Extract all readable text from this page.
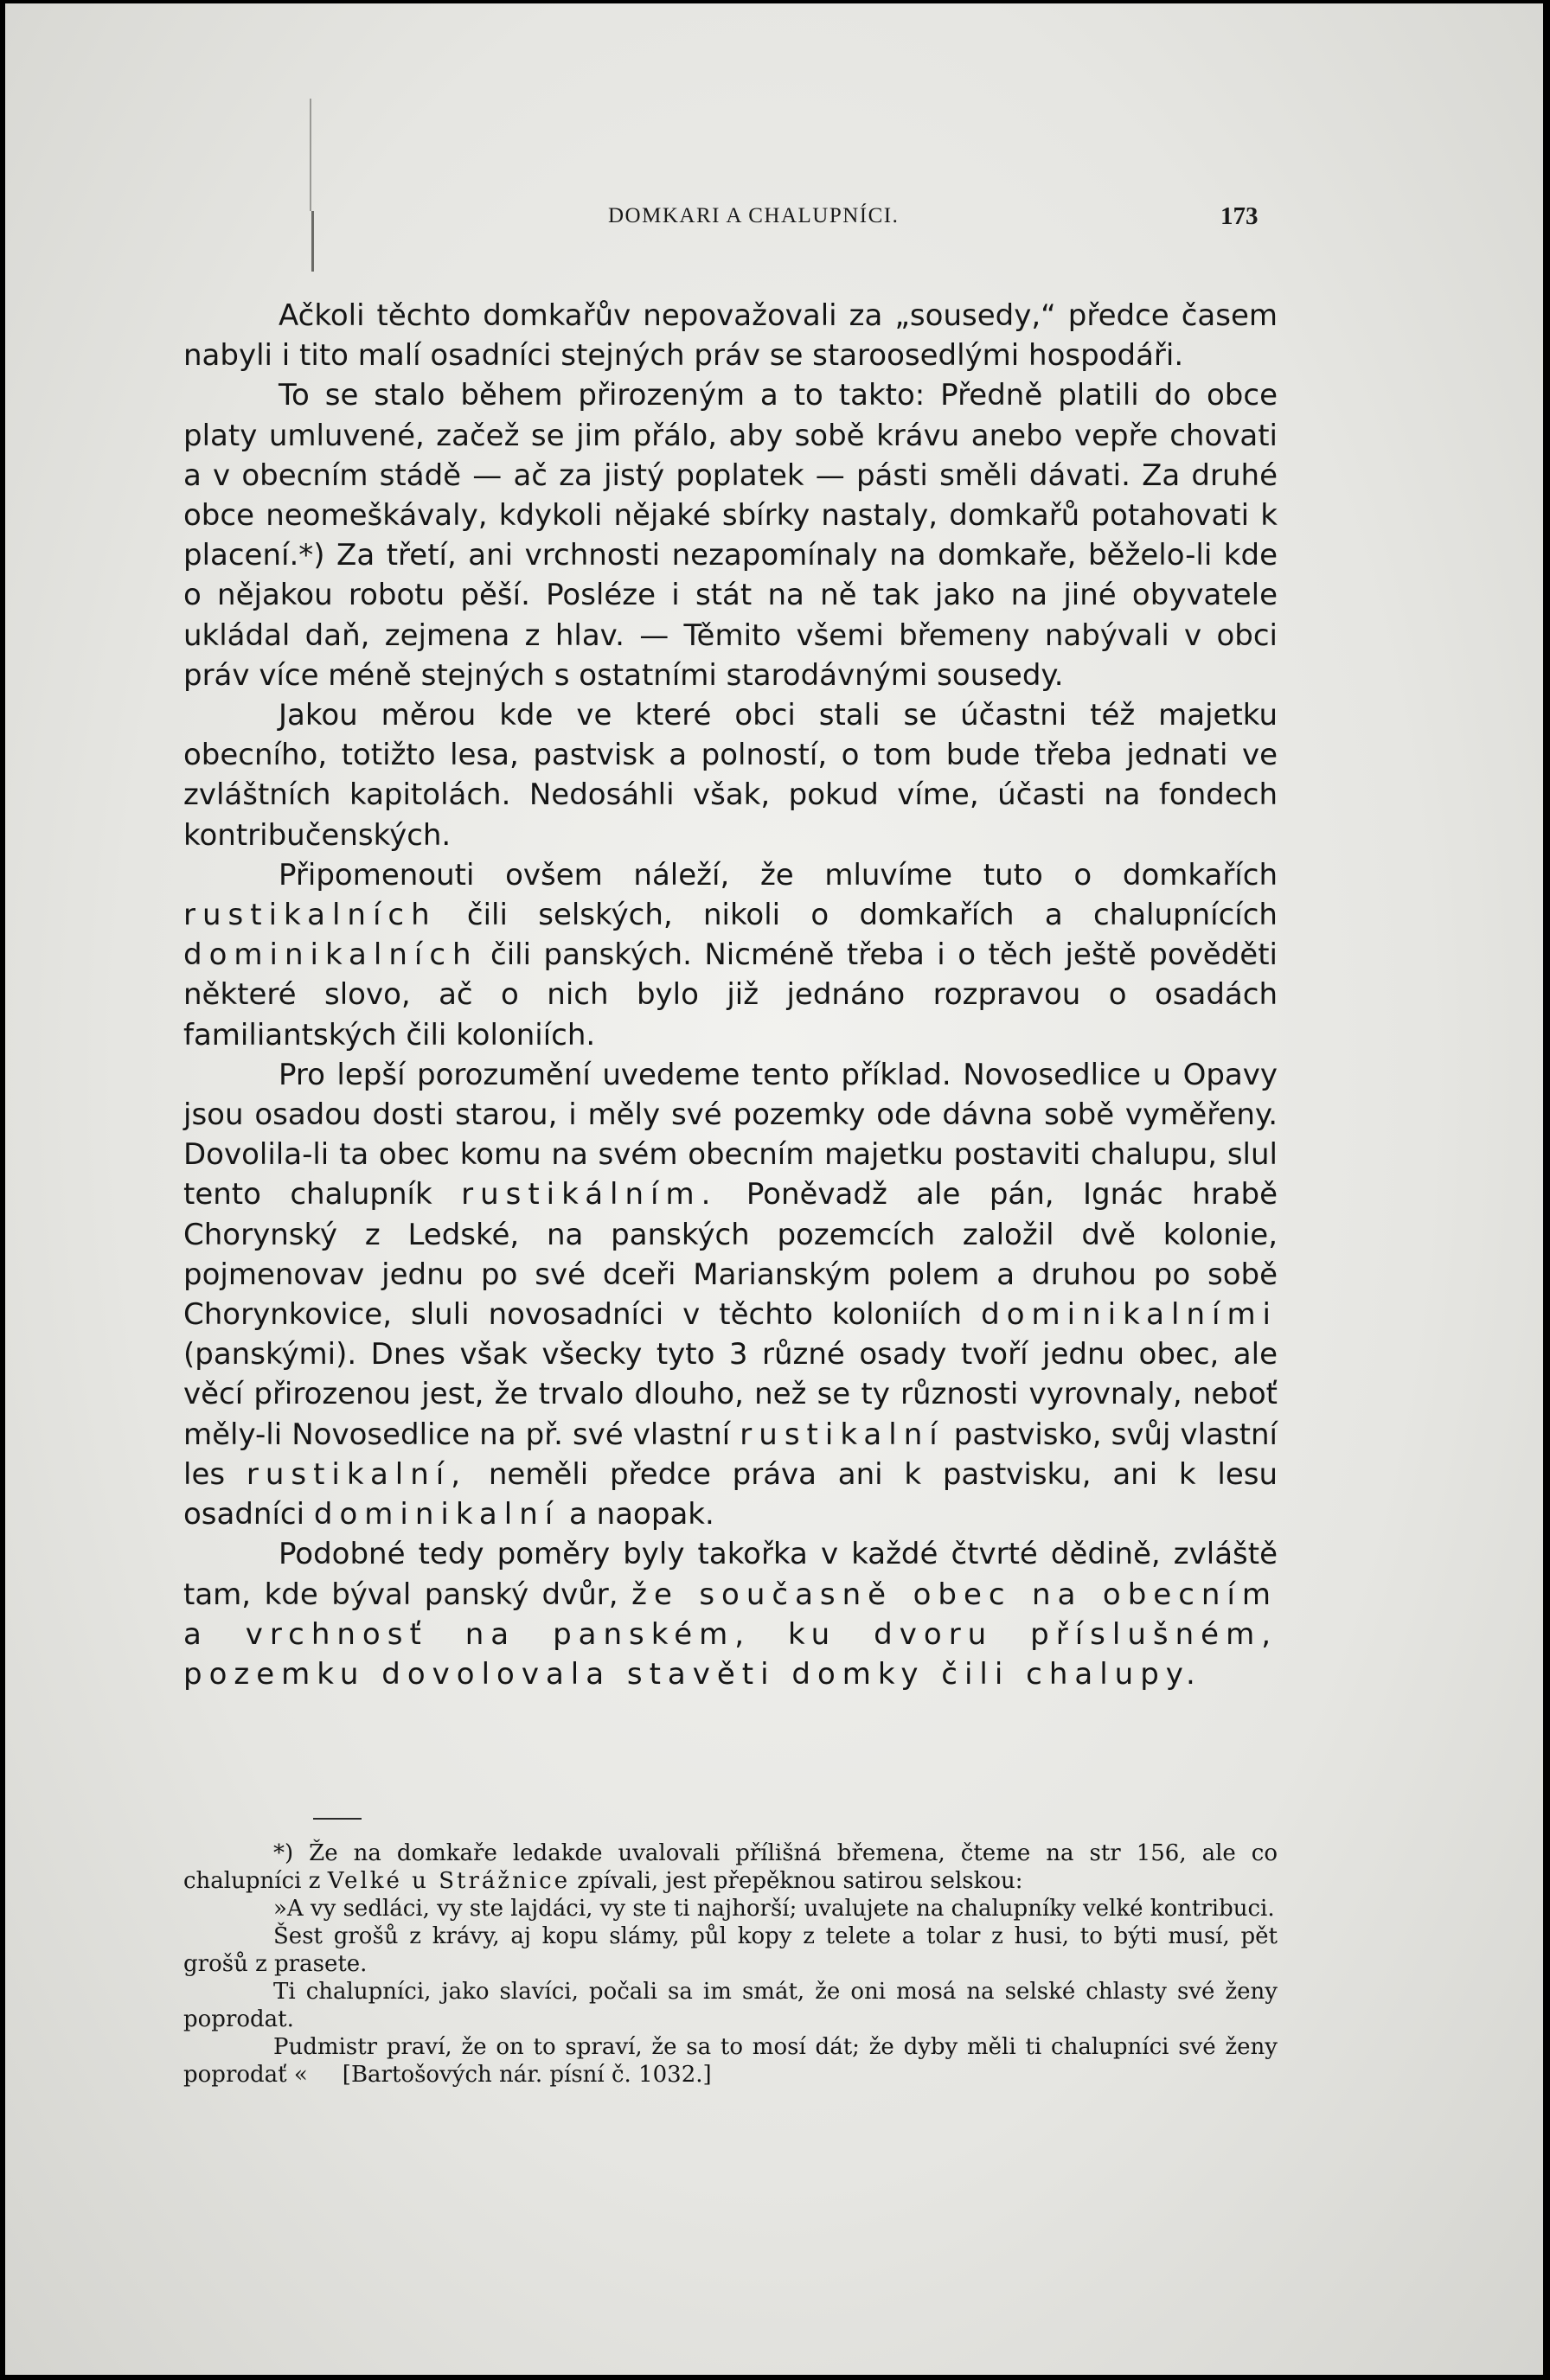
DOMKARI A CHALUPNÍCI.	173

Ačkoli těchto domkařův nepovažovali za „sousedy,“ předce časem nabyli i tito malí osadníci stejných práv se staroosedlými hospodáři.

To se stalo během přirozeným a to takto: Předně platili do obce platy umluvené, začež se jim přálo, aby sobě krávu anebo vepře chovati a v obecním stádě — ač za jistý poplatek — pásti směli dávati. Za druhé obce neomeškávaly, kdykoli nějaké sbírky nastaly, domkařů potahovati k placení.*) Za třetí, ani vrchnosti nezapomínaly na domkaře, běželo-li kde o nějakou robotu pěší. Posléze i stát na ně tak jako na jiné obyvatele ukládal daň, zejmena z hlav. — Těmito všemi břemeny nabývali v obci práv více méně stejných s ostatními starodávnými sousedy.

Jakou měrou kde ve které obci stali se účastni též majetku obecního, totižto lesa, pastvisk a polností, o tom bude třeba jednati ve zvláštních kapitolách. Nedosáhli však, pokud víme, účasti na fondech kontribučenských.

Připomenouti ovšem náleží, že mluvíme tuto o domkařích rustikalních čili selských, nikoli o domkařích a chalupnících dominikalních čili panských. Nicméně třeba i o těch ještě pověděti některé slovo, ač o nich bylo již jednáno rozpravou o osadách familiantských čili koloniích.

Pro lepší porozumění uvedeme tento příklad. Novosedlice u Opavy jsou osadou dosti starou, i měly své pozemky ode dávna sobě vyměřeny. Dovolila-li ta obec komu na svém obecním majetku postaviti chalupu, slul tento chalupník rustikálním. Poněvadž ale pán, Ignác hrabě Chorynský z Ledské, na panských pozemcích založil dvě kolonie, pojmenovav jednu po své dceři Marianským polem a druhou po sobě Chorynkovice, sluli novosadníci v těchto koloniích dominikalními (panskými). Dnes však všecky tyto 3 různé osady tvoří jednu obec, ale věcí přirozenou jest, že trvalo dlouho, než se ty různosti vyrovnaly, neboť měly-li Novosedlice na př. své vlastní rustikalní pastvisko, svůj vlastní les rustikalní, neměli předce práva ani k pastvisku, ani k lesu osadníci dominikalní a naopak.

Podobné tedy poměry byly takořka v každé čtvrté dědině, zvláště tam, kde býval panský dvůr, že současně obec na obecním a vrchnosť na panském, ku dvoru příslušném, pozemku dovolovala stavěti domky čili chalupy.

*) Že na domkaře ledakde uvalovali přílišná břemena, čteme na str 156, ale co chalupníci z Velké u Strážnice zpívali, jest přepěknou satirou selskou:

»A vy sedláci, vy ste lajdáci, vy ste ti najhorší; uvalujete na chalupníky velké kontribuci.

Šest grošů z krávy, aj kopu slámy, půl kopy z telete a tolar z husi, to býti musí, pět grošů z prasete.

Ti chalupníci, jako slavíci, počali sa im smát, že oni mosá na selské chlasty své ženy poprodat.

Pudmistr praví, že on to spraví, že sa to mosí dát; že dyby měli ti chalupníci své ženy poprodať « [Bartošových nár. písní č. 1032.]
